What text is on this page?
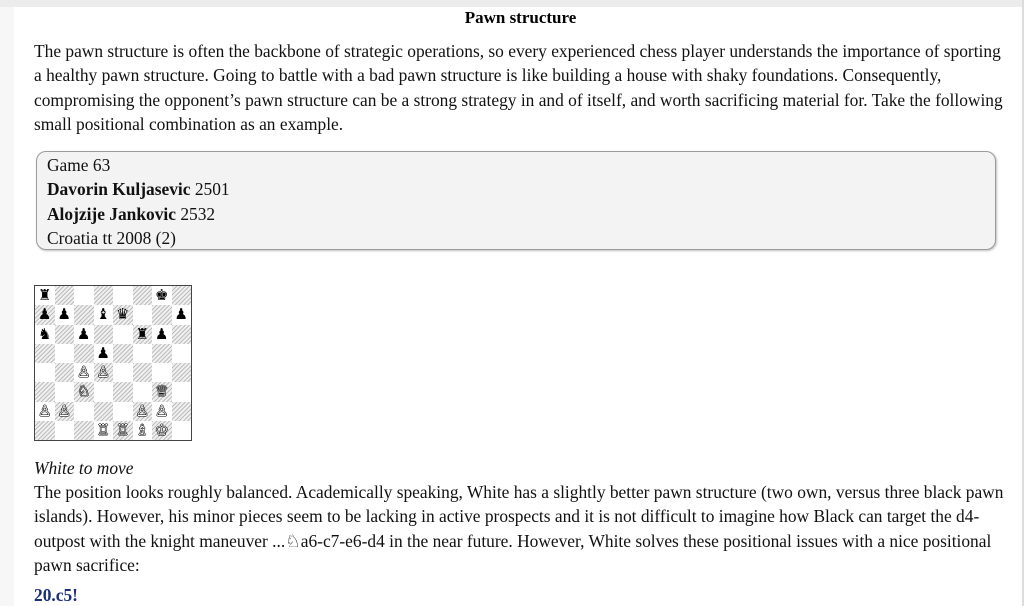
Pawn structure

The pawn structure is often the backbone of strategic operations, so every experienced chess player understands the importance of sporting a healthy pawn structure. Going to battle with a bad pawn structure is like building a house with shaky foundations. Consequently, compromising the opponent’s pawn structure can be a strong strategy in and of itself, and worth sacrificing material for. Take the following small positional combination as an example.

Game 63
Davorin Kuljasevic 2501
Alojzije Jankovic 2532
Croatia tt 2008 (2)
♜	♚
♟ ♟ ♝ ♛	♟
♞ ♟	♜ ♟
♟
♙ ♙
♘	♕
♙ ♙	♙ ♙
♖ ♖ ♗ ♔
White to move

The position looks roughly balanced. Academically speaking, White has a slightly better pawn structure (two own, versus three black pawn islands). However, his minor pieces seem to be lacking in active prospects and it is not difficult to imagine how Black can target the d4-outpost with the knight maneuver ...♘a6-c7-e6-d4 in the near future. However, White solves these positional issues with a nice positional pawn sacrifice:

20.c5!
